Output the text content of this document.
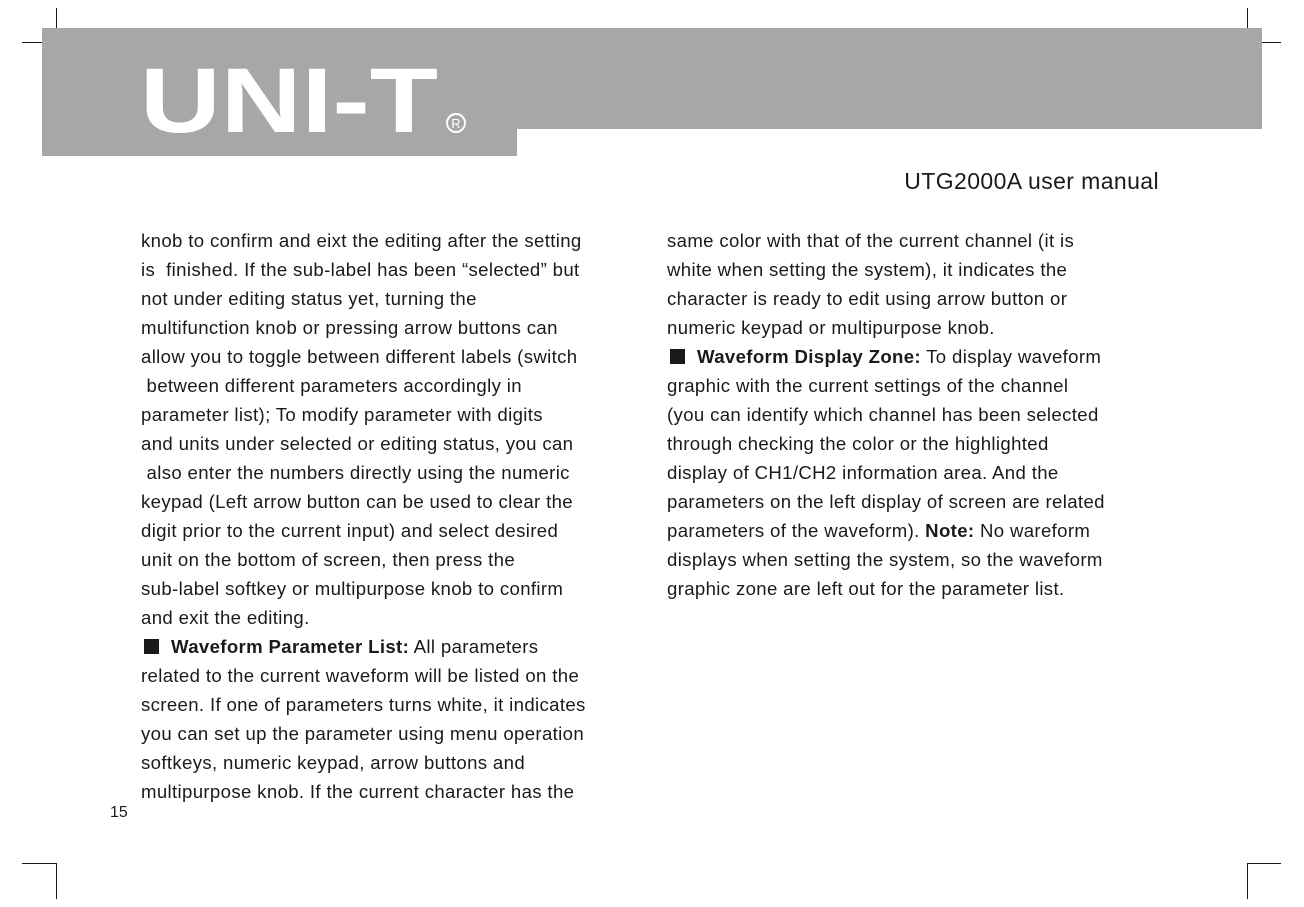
UNI-T R
UTG2000A user manual
knob to confirm and eixt the editing after the setting
is  finished. If the sub-label has been “selected” but
not under editing status yet, turning the
multifunction knob or pressing arrow buttons can
allow you to toggle between different labels (switch
between different parameters accordingly in
parameter list); To modify parameter with digits
and units under selected or editing status, you can
also enter the numbers directly using the numeric
keypad (Left arrow button can be used to clear the
digit prior to the current input) and select desired
unit on the bottom of screen, then press the
sub-label softkey or multipurpose knob to confirm
and exit the editing.
Waveform Parameter List: All parameters
related to the current waveform will be listed on the
screen. If one of parameters turns white, it indicates
you can set up the parameter using menu operation
softkeys, numeric keypad, arrow buttons and
multipurpose knob. If the current character has the
same color with that of the current channel (it is
white when setting the system), it indicates the
character is ready to edit using arrow button or
numeric keypad or multipurpose knob.
Waveform Display Zone: To display waveform
graphic with the current settings of the channel
(you can identify which channel has been selected
through checking the color or the highlighted
display of CH1/CH2 information area. And the
parameters on the left display of screen are related
parameters of the waveform). Note: No wareform
displays when setting the system, so the waveform
graphic zone are left out for the parameter list.
15
